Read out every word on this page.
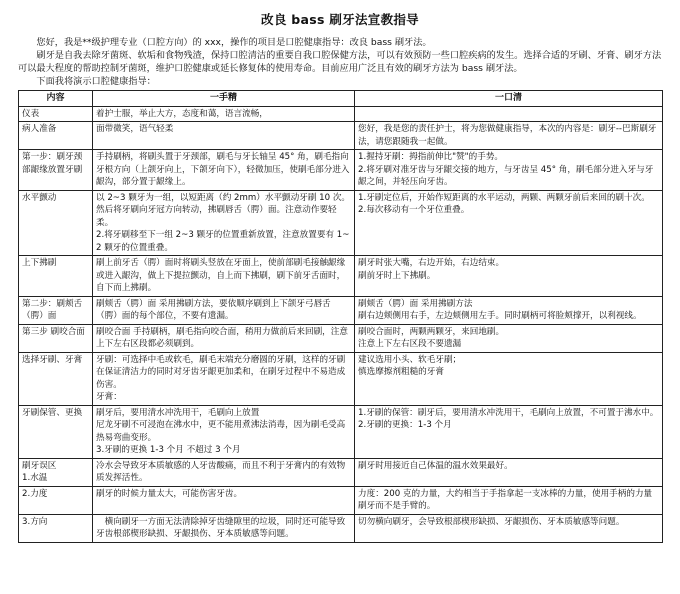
改良 bass 刷牙法宣教指导

您好，我是**级护理专业（口腔方向）的 xxx，操作的项目是口腔健康指导：改良 bass 刷牙法。

刷牙是自我去除牙菌斑、软垢和食物残渣，保持口腔清洁的重要自我口腔保健方法，可以有效预防一些口腔疾病的发生。选择合适的牙刷、牙膏、刷牙方法可以最大程度的帮助控制牙菌斑，维护口腔健康或延长修复体的使用寿命。目前应用广泛且有效的刷牙方法为 bass 刷牙法。

下面我将演示口腔健康指导：

内容	一手精	一口清

仪表	着护士服，举止大方，态度和蔼，语言流畅，	

病人准备	面带微笑，语气轻柔	您好，我是您的责任护士，将为您做健康指导，本次的内容是：刷牙--巴斯刷牙法，请您跟随我一起做。

第一步：刷牙颈部龈缘放置牙刷	手持刷柄，将刷头置于牙颈部，刷毛与牙长轴呈 45° 角，刷毛指向牙根方向（上颌牙向上，下颌牙向下），轻微加压，使刷毛部分进入龈沟，部分置于龈缘上。	1.握持牙刷：拇指前伸比"赞"的手势。
2.将牙刷对准牙齿与牙龈交接的地方，与牙齿呈 45° 角，刷毛部分进入牙与牙龈之间，并轻压向牙齿。

水平颤动	以 2~3 颗牙为一组，以短距离（约 2mm）水平颤动牙刷 10 次。然后将牙刷向牙冠方向转动，拂刷唇舌（腭）面。注意动作要轻柔。
2.将牙刷移至下一组 2~3 颗牙的位置重新放置，注意放置要有 1~2 颗牙的位置重叠。	1.牙刷定位后，开始作短距离的水平运动，两颗、两颗牙前后来回的刷十次。
2.每次移动有一个牙位重叠。

上下拂刷	刷上前牙舌（腭）面时将刷头竖放在牙面上，使前部刷毛接触龈缘或进入龈沟，做上下提拉颤动，自上而下拂刷，刷下前牙舌面时，自下而上拂刷。	刷牙时张大嘴，右边开始，右边结束。
刷前牙时上下拂刷。

第二步：刷颊舌（腭）面	刷颊舌（腭）面 采用拂刷方法，要依顺序刷到上下颌牙弓唇舌（腭）面的每个部位，不要有遗漏。	刷颊舌（腭）面 采用拂刷方法
刷右边颊侧用右手，左边颊侧用左手。同时刷柄可将脸颊撑开，以利视线。

第三步 刷咬合面	刷咬合面 手持刷柄，刷毛指向咬合面，稍用力做前后来回刷，注意上下左右区段都必须刷到。	刷咬合面时，两颗两颗牙，来回地刷。
注意上下左右区段不要遗漏

选择牙刷、牙膏	牙刷：可选择中毛或软毛，刷毛末端充分磨圆的牙刷，这样的牙刷在保证清洁力的同时对牙齿牙龈更加柔和，在刷牙过程中不易造成伤害。
牙膏：	建议选用小头、软毛牙刷；
慎选摩擦剂粗糙的牙膏

牙刷保管、更换	刷牙后，要用清水冲洗用干，毛刷向上放置
尼龙牙刷不可浸泡在沸水中，更不能用煮沸法消毒，因为刷毛受高热易弯曲变形。
3.牙刷的更换 1-3 个月 不超过 3 个月	1.牙刷的保管：刷牙后，要用清水冲洗用干，毛刷向上放置，不可置于沸水中。
2.牙刷的更换：1-3 个月

刷牙误区
1.水温	冷水会导致牙本质敏感的人牙齿酸痛，而且不利于牙膏内的有效物质发挥活性。	刷牙时用接近自己体温的温水效果最好。

2.力度	刷牙的时候力量太大，可能伤害牙齿。	力度：200 克的力量，大约相当于手指拿起一支冰棒的力量，使用手柄的力量刷牙而不是手臂的。

3.方向	　横向刷牙一方面无法清除掉牙齿缝隙里的垃圾，同时还可能导致牙齿根部楔形缺损、牙龈损伤、牙本质敏感等问题。	切勿横向刷牙，会导致根部楔形缺损、牙龈损伤、牙本质敏感等问题。
